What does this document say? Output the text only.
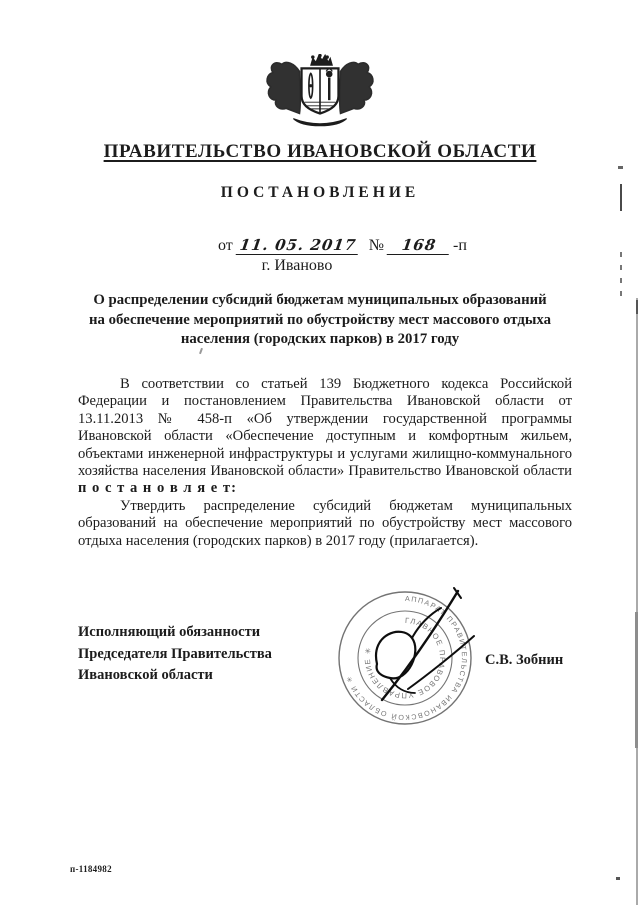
ПРАВИТЕЛЬСТВО ИВАНОВСКОЙ ОБЛАСТИ
ПОСТАНОВЛЕНИЕ
от 11. 05. 2017 №	168 -п
г. Иваново
О распределении субсидий бюджетам муниципальных образований
на обеспечение мероприятий по обустройству мест массового отдыха
населения (городских парков) в 2017 году

В соответствии со статьей 139 Бюджетного кодекса Российской Федерации и постановлением Правительства Ивановской области от 13.11.2013 № 458-п «Об утверждении государственной программы Ивановской области «Обеспечение доступным и комфортным жильем, объектами инженерной инфраструктуры и услугами жилищно-коммунального хозяйства населения Ивановской области» Правительство Ивановской области п о с т а н о в л я е т:

Утвердить распределение субсидий бюджетам муниципальных образований на обеспечение мероприятий по обустройству мест массового отдыха населения (городских парков) в 2017 году (прилагается).

Исполняющий обязанности
Председателя Правительства
Ивановской области
АППАРАТ ПРАВИТЕЛЬСТВА ИВАНОВСКОЙ ОБЛАСТИ ✳
ГЛАВНОЕ ПРАВОВОЕ УПРАВЛЕНИЕ ✳
С.В. Зобнин
п-1184982
